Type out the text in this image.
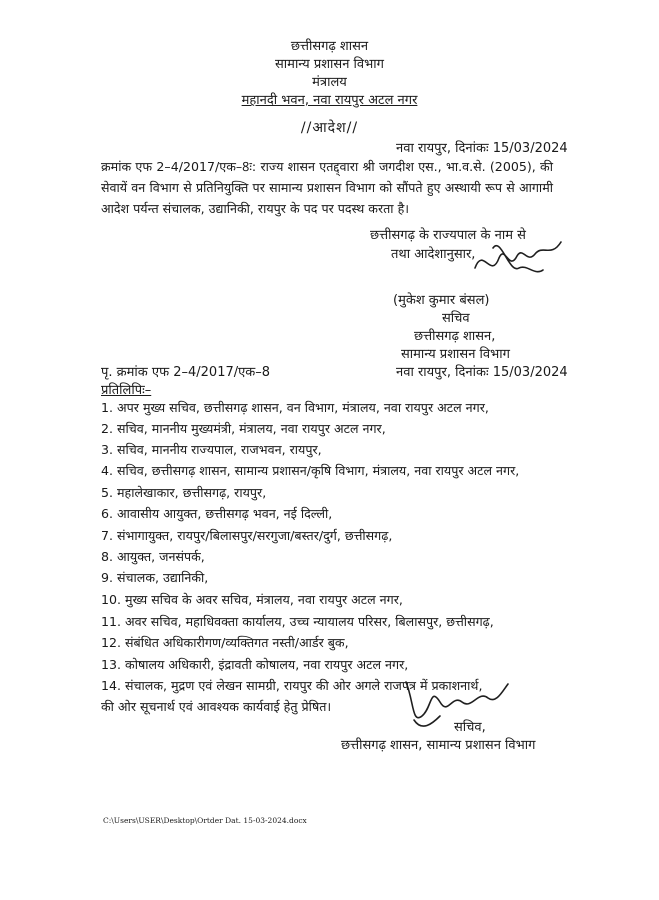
छत्तीसगढ़ शासन
सामान्य प्रशासन विभाग
मंत्रालय
महानदी भवन, नवा रायपुर अटल नगर
//आदेश//
नवा रायपुर, दिनांकः 15/03/2024
क्रमांक एफ 2–4/2017/एक–8ः: राज्य शासन एतद्द्वारा श्री जगदीश एस., भा.व.से. (2005), की सेवायें वन विभाग से प्रतिनियुक्ति पर सामान्य प्रशासन विभाग को सौंपते हुए अस्थायी रूप से आगामी आदेश पर्यन्त संचालक, उद्यानिकी, रायपुर के पद पर पदस्थ करता है।
छत्तीसगढ़ के राज्यपाल के नाम से
तथा आदेशानुसार,
(मुकेश कुमार बंसल)
सचिव
छत्तीसगढ़ शासन,
सामान्य प्रशासन विभाग
पृ. क्रमांक एफ 2–4/2017/एक–8	नवा रायपुर, दिनांकः 15/03/2024
प्रतिलिपिः–
1. अपर मुख्य सचिव, छत्तीसगढ़ शासन, वन विभाग, मंत्रालय, नवा रायपुर अटल नगर,
2. सचिव, माननीय मुख्यमंत्री, मंत्रालय, नवा रायपुर अटल नगर,
3. सचिव, माननीय राज्यपाल, राजभवन, रायपुर,
4. सचिव, छत्तीसगढ़ शासन, सामान्य प्रशासन/कृषि विभाग, मंत्रालय, नवा रायपुर अटल नगर,
5. महालेखाकार, छत्तीसगढ़, रायपुर,
6. आवासीय आयुक्त, छत्तीसगढ़ भवन, नई दिल्ली,
7. संभागायुक्त, रायपुर/बिलासपुर/सरगुजा/बस्तर/दुर्ग, छत्तीसगढ़,
8. आयुक्त, जनसंपर्क,
9. संचालक, उद्यानिकी,
10. मुख्य सचिव के अवर सचिव, मंत्रालय, नवा रायपुर अटल नगर,
11. अवर सचिव, महाधिवक्ता कार्यालय, उच्च न्यायालय परिसर, बिलासपुर, छत्तीसगढ़,
12. संबंधित अधिकारीगण/व्यक्तिगत नस्ती/आर्डर बुक,
13. कोषालय अधिकारी, इंद्रावती कोषालय, नवा रायपुर अटल नगर,
14. संचालक, मुद्रण एवं लेखन सामग्री, रायपुर की ओर अगले राजपत्र में प्रकाशनार्थ,
की ओर सूचनार्थ एवं आवश्यक कार्यवाई हेतु प्रेषित।
सचिव,
छत्तीसगढ़ शासन, सामान्य प्रशासन विभाग
C:\Users\USER\Desktop\Ortder Dat. 15-03-2024.docx
